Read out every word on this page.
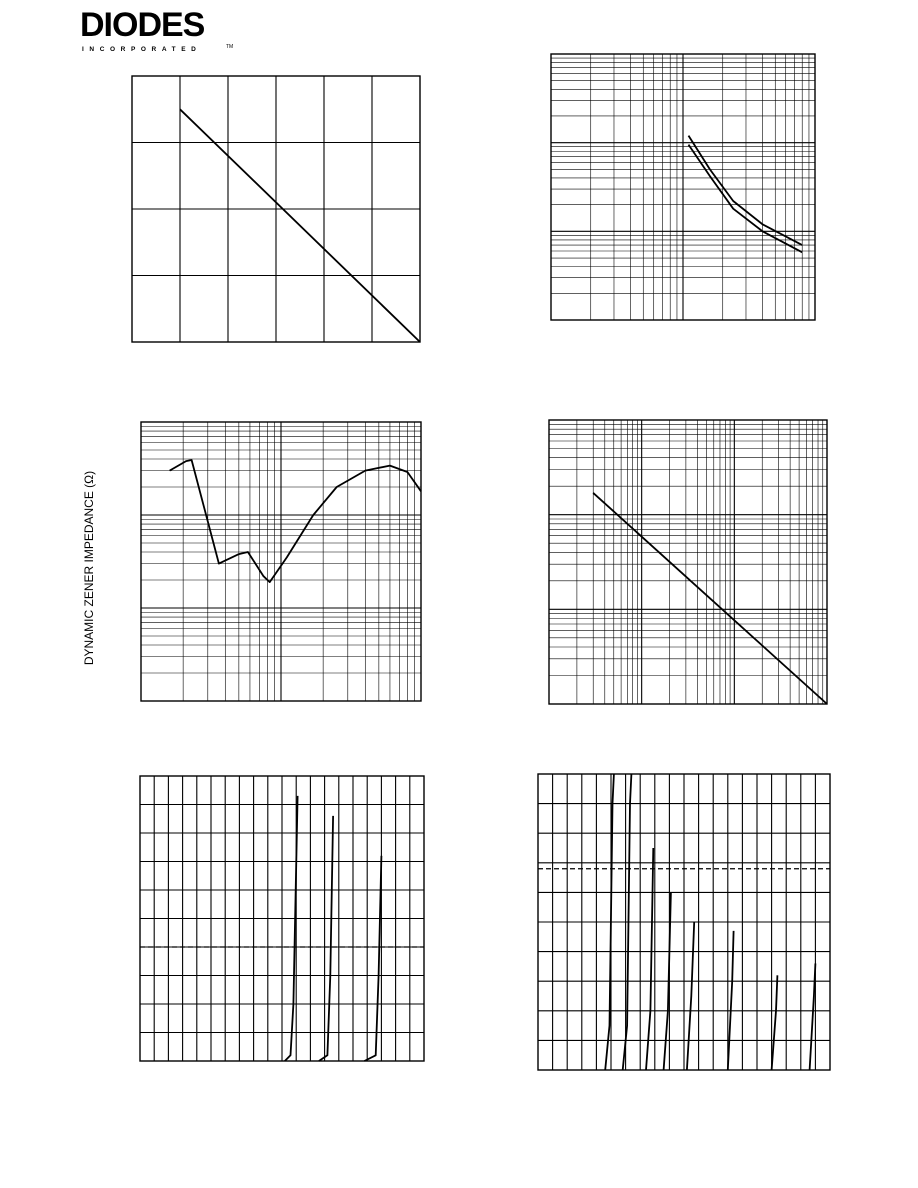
DIODES
INCORPORATED	TM
DYNAMIC ZENER IMPEDANCE (Ω)
